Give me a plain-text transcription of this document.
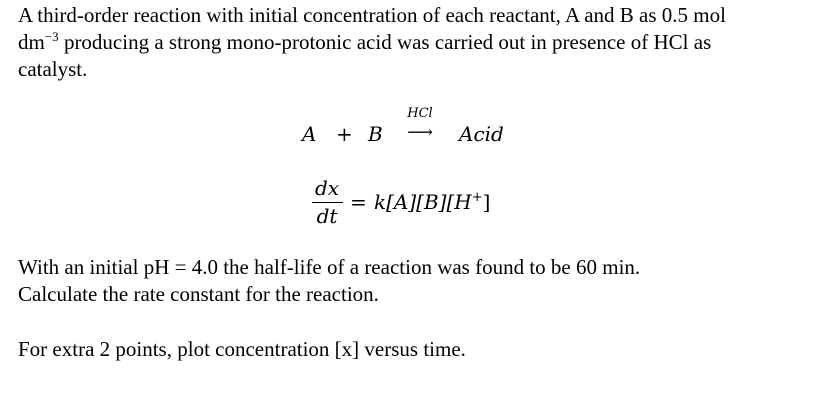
A third-order reaction with initial concentration of each reactant, A and B as 0.5 mol
$dm^{-3}$ producing a strong mono-protonic acid was carried out in presence of HCl as
catalyst.
A + B
HCl
⟶	Acid
dx
dt
= k[A][B][H+]
With an initial pH = 4.0 the half-life of a reaction was found to be 60 min.
Calculate the rate constant for the reaction.
For extra 2 points, plot concentration [x] versus time.
